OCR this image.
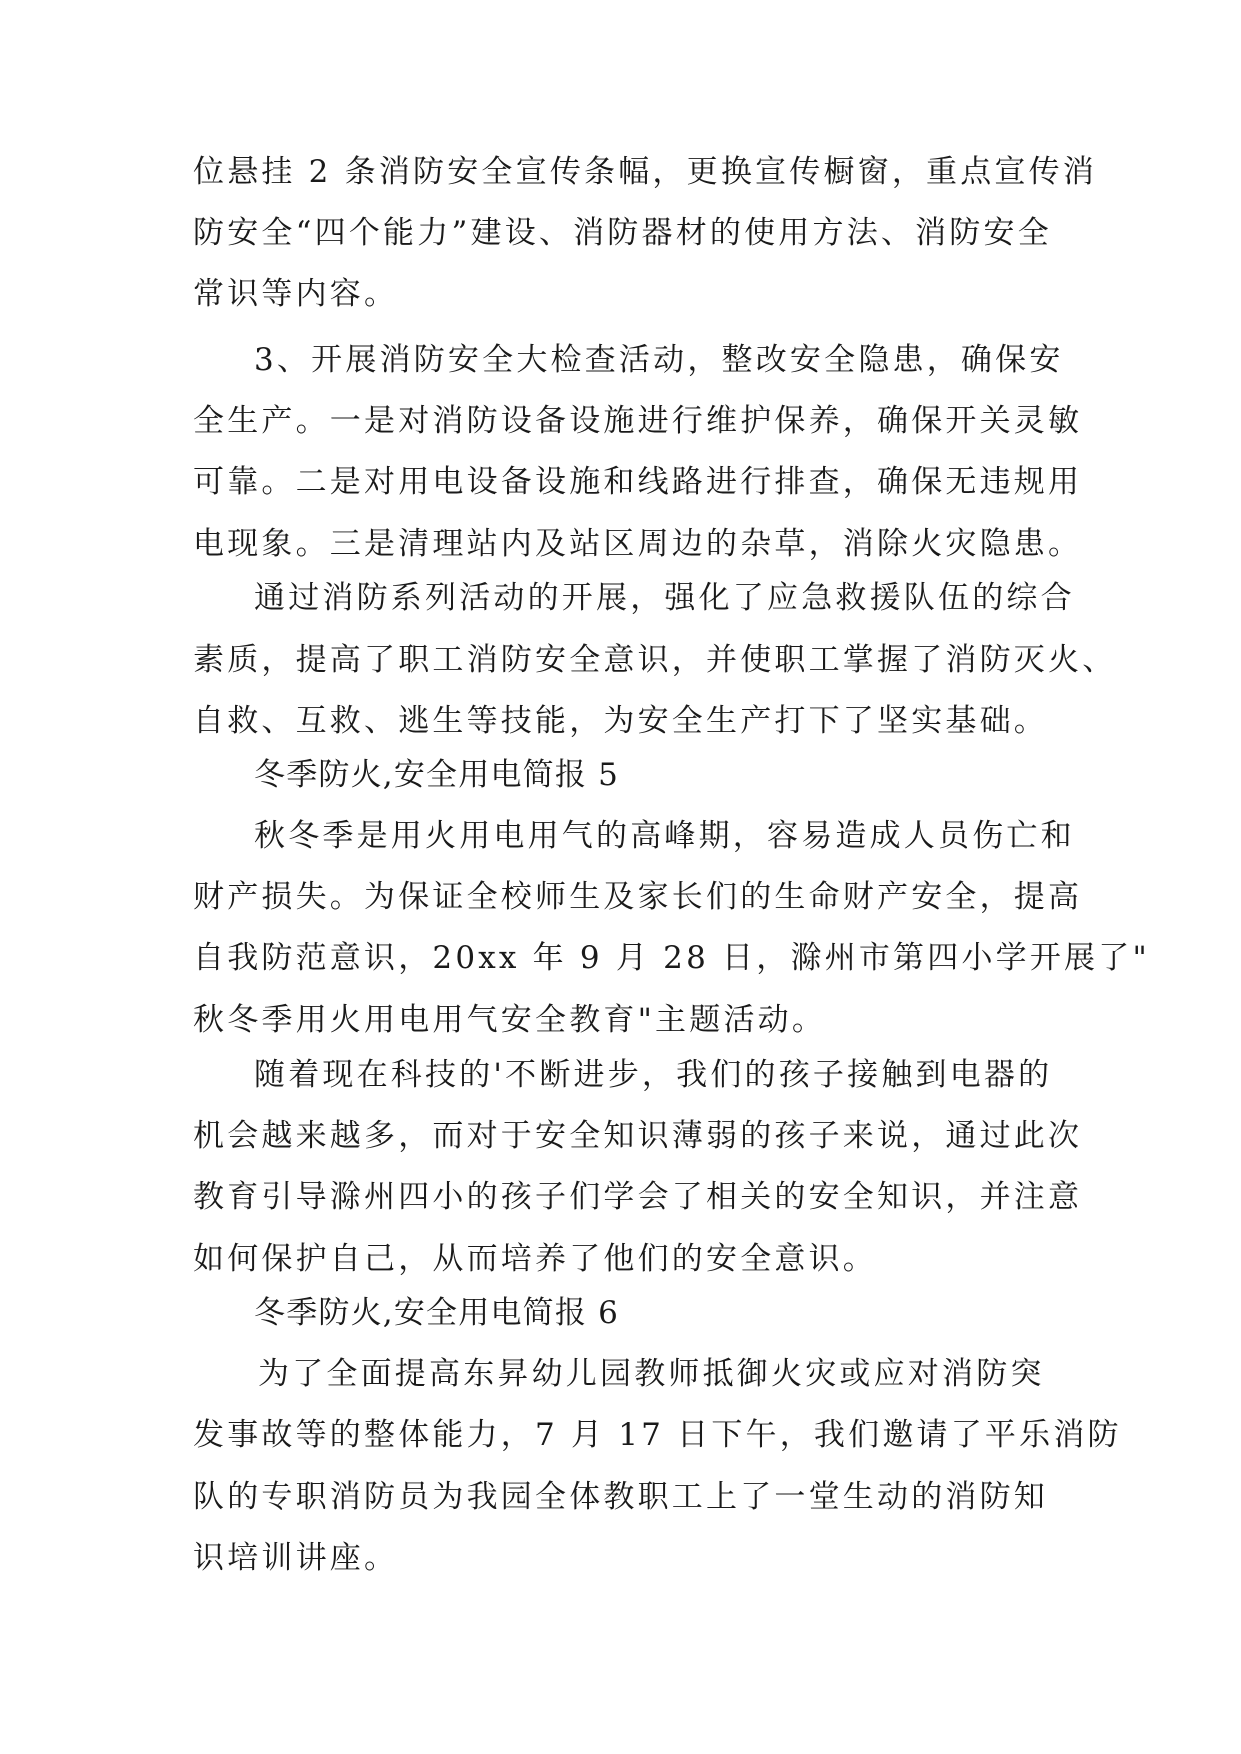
位悬挂 2 条消防安全宣传条幅，更换宣传橱窗，重点宣传消
防安全“四个能力”建设、消防器材的使用方法、消防安全
常识等内容。
3、开展消防安全大检查活动，整改安全隐患，确保安
全生产。一是对消防设备设施进行维护保养，确保开关灵敏
可靠。二是对用电设备设施和线路进行排查，确保无违规用
电现象。三是清理站内及站区周边的杂草，消除火灾隐患。
通过消防系列活动的开展，强化了应急救援队伍的综合
素质，提高了职工消防安全意识，并使职工掌握了消防灭火、
自救、互救、逃生等技能，为安全生产打下了坚实基础。
冬季防火,安全用电简报 5
秋冬季是用火用电用气的高峰期，容易造成人员伤亡和
财产损失。为保证全校师生及家长们的生命财产安全，提高
自我防范意识，20xx 年 9 月 28 日，滁州市第四小学开展了"
秋冬季用火用电用气安全教育"主题活动。
随着现在科技的'不断进步，我们的孩子接触到电器的
机会越来越多，而对于安全知识薄弱的孩子来说，通过此次
教育引导滁州四小的孩子们学会了相关的安全知识，并注意
如何保护自己，从而培养了他们的安全意识。
冬季防火,安全用电简报 6
为了全面提高东昇幼儿园教师抵御火灾或应对消防突
发事故等的整体能力，7 月 17 日下午，我们邀请了平乐消防
队的专职消防员为我园全体教职工上了一堂生动的消防知
识培训讲座。
